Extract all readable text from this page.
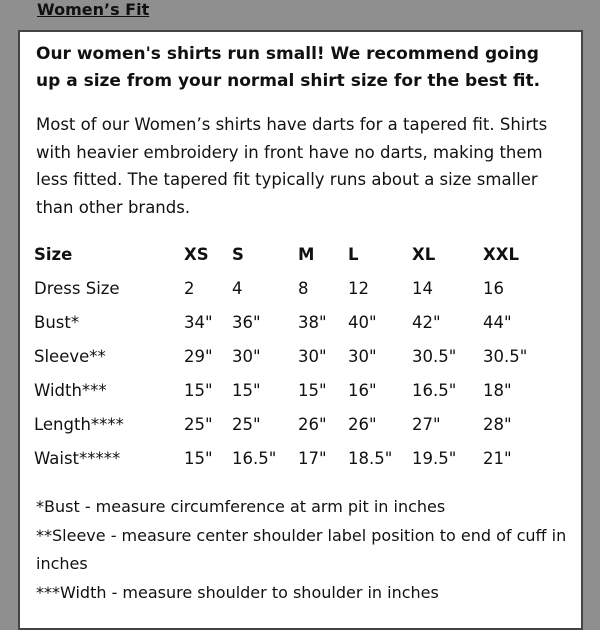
Women’s Fit

Our women's shirts run small! We recommend going up a size from your normal shirt size for the best fit.

Most of our Women’s shirts have darts for a tapered fit. Shirts with heavier embroidery in front have no darts, making them less fitted. The tapered fit typically runs about a size smaller than other brands.

Size	XS	S	M	L	XL	XXL
Dress Size	2	4	8	12	14	16
Bust*	34"	36"	38"	40"	42"	44"
Sleeve**	29"	30"	30"	30"	30.5"	30.5"
Width***	15"	15"	15"	16"	16.5"	18"
Length****	25"	25"	26"	26"	27"	28"
Waist*****	15"	16.5"	17"	18.5"	19.5"	21"

*Bust - measure circumference at arm pit in inches

**Sleeve - measure center shoulder label position to end of cuff in inches

***Width - measure shoulder to shoulder in inches
